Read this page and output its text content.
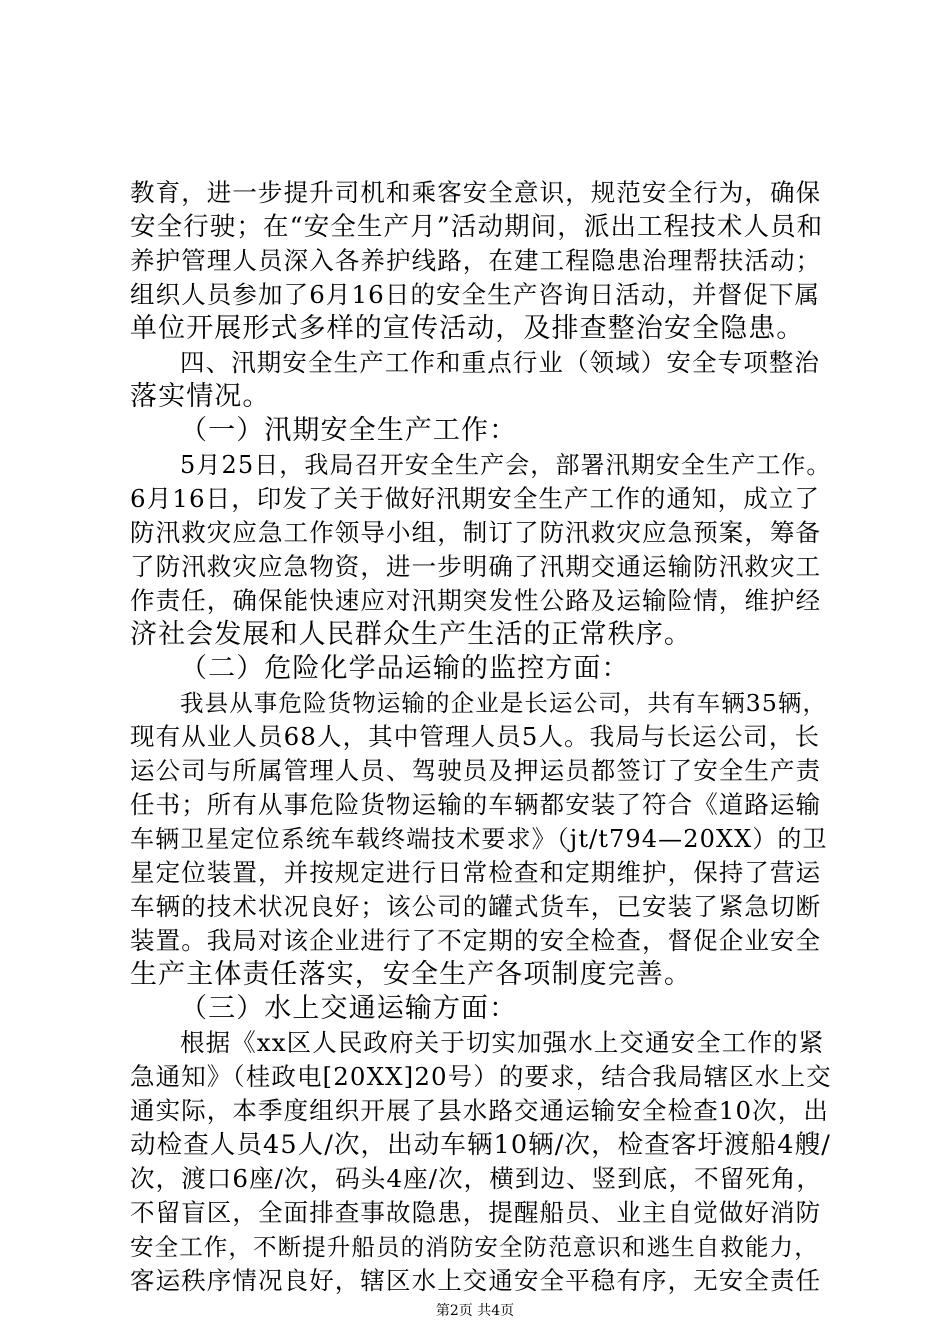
教育，进一步提升司机和乘客安全意识，规范安全行为，确保
安全行驶；在“安全生产月”活动期间，派出工程技术人员和
养护管理人员深入各养护线路，在建工程隐患治理帮扶活动；
组织人员参加了6月16日的安全生产咨询日活动，并督促下属
单位开展形式多样的宣传活动，及排查整治安全隐患。
四、汛期安全生产工作和重点行业（领域）安全专项整治
落实情况。
（一）汛期安全生产工作：
5月25日，我局召开安全生产会，部署汛期安全生产工作。
6月16日，印发了关于做好汛期安全生产工作的通知，成立了
防汛救灾应急工作领导小组，制订了防汛救灾应急预案，筹备
了防汛救灾应急物资，进一步明确了汛期交通运输防汛救灾工
作责任，确保能快速应对汛期突发性公路及运输险情，维护经
济社会发展和人民群众生产生活的正常秩序。
（二）危险化学品运输的监控方面：
我县从事危险货物运输的企业是长运公司，共有车辆35辆，
现有从业人员68人，其中管理人员5人。我局与长运公司，长
运公司与所属管理人员、驾驶员及押运员都签订了安全生产责
任书；所有从事危险货物运输的车辆都安装了符合《道路运输
车辆卫星定位系统车载终端技术要求》（jt/t794—20XX）的卫
星定位装置，并按规定进行日常检查和定期维护，保持了营运
车辆的技术状况良好；该公司的罐式货车，已安装了紧急切断
装置。我局对该企业进行了不定期的安全检查，督促企业安全
生产主体责任落实，安全生产各项制度完善。
（三）水上交通运输方面：
根据《xx区人民政府关于切实加强水上交通安全工作的紧
急通知》（桂政电[20XX]20号）的要求，结合我局辖区水上交
通实际，本季度组织开展了县水路交通运输安全检查10次，出
动检查人员45人/次，出动车辆10辆/次，检查客圩渡船4艘/
次，渡口6座/次，码头4座/次，横到边、竖到底，不留死角，
不留盲区，全面排查事故隐患，提醒船员、业主自觉做好消防
安全工作，不断提升船员的消防安全防范意识和逃生自救能力，
客运秩序情况良好，辖区水上交通安全平稳有序，无安全责任
第2页 共4页
